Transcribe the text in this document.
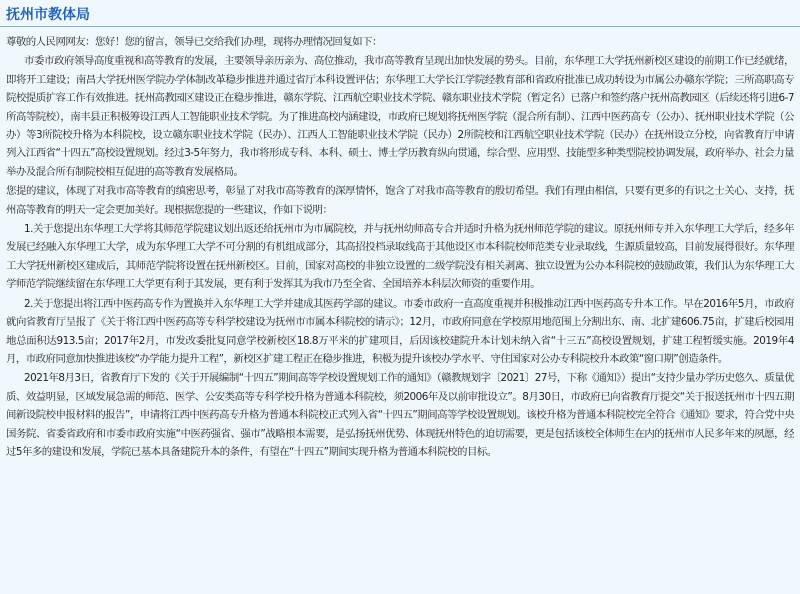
抚州市教体局

尊敬的人民网网友：您好！您的留言，领导已交给我们办理，现将办理情况回复如下：

市委市政府领导高度重视和高等教育的发展，主要领导亲历亲为、高位推动，我市高等教育呈现出加快发展的势头。目前，东华理工大学抚州新校区建设的前期工作已经就绪，即将开工建设；南昌大学抚州医学院办学体制改革稳步推进并通过省厅本科设置评估；东华理工大学长江学院经教育部和省政府批准已成功转设为市属公办赣东学院；三所高职高专院校提质扩容工作有效推进。抚州高教园区建设正在稳步推进，赣东学院、江西航空职业技术学院、赣东职业技术学院（暂定名）已落户和签约落户抚州高教园区（后续还将引进6-7所高等院校），南丰县正积极筹设江西人工智能职业技术学院。为了推进高校内涵建设，市政府已规划将抚州医学院（混合所有制）、江西中医药高专（公办）、抚州职业技术学院（公办）等3所院校升格为本科院校，设立赣东职业技术学院（民办）、江西人工智能职业技术学院（民办）2所院校和江西航空职业技术学院（民办）在抚州设立分校，向省教育厅申请列入江西省“十四五”高校设置规划。经过3-5年努力，我市将形成专科、本科、硕士、博士学历教育纵向贯通，综合型、应用型、技能型多种类型院校协调发展，政府举办、社会力量举办及混合所有制院校相互促进的高等教育发展格局。

您提的建议，体现了对我市高等教育的缜密思考，彰显了对我市高等教育的深厚情怀，饱含了对我市高等教育的殷切希望。我们有理由相信，只要有更多的有识之士关心、支持，抚州高等教育的明天一定会更加美好。现根据您提的一些建议，作如下说明：

1.关于您提出东华理工大学将其师范学院建议划出返还给抚州市为市属院校，并与抚州幼师高专合并适时升格为抚州师范学院的建议。原抚州师专并入东华理工大学后，经多年发展已经融入东华理工大学，成为东华理工大学不可分割的有机组成部分，其高招投档录取线高于其他设区市本科院校师范类专业录取线，生源质量较高，目前发展得很好。东华理工大学抚州新校区建成后，其师范学院将设置在抚州新校区。目前，国家对高校的非独立设置的二级学院没有相关剥离、独立设置为公办本科院校的鼓励政策，我们认为东华理工大学师范学院继续留在东华理工大学更有利于其发展，更有利于发挥其为我市乃至全省、全国培养本科层次师资的重要作用。

2.关于您提出将江西中医药高专作为置换并入东华理工大学并建成其医药学部的建议。市委市政府一直高度重视并积极推动江西中医药高专升本工作。早在2016年5月，市政府就向省教育厅呈报了《关于将江西中医药高等专科学校建设为抚州市市属本科院校的请示》；12月，市政府同意在学校原用地范围上分割出东、南、北扩建606.75亩，扩建后校园用地总面积达913.5亩；2017年2月，市发改委批复同意学校新校区18.8万平米的扩建项目，后因该校建院升本计划未纳入省“十三五”高校设置规划，扩建工程暂缓实施。2019年4月，市政府同意加快推进该校“办学能力提升工程”，新校区扩建工程正在稳步推进，积极为提升该校办学水平、守住国家对公办专科院校升本政策“窗口期”创造条件。

2021年8月3日，省教育厅下发的《关于开展编制“十四五”期间高等学校设置规划工作的通知》（赣教规划字〔2021〕27号，下称《通知》）提出“支持少量办学历史悠久、质量优质、效益明显，区域发展急需的师范、医学、公安类高等专科学校升格为普通本科院校，须2006年及以前审批设立”。8月30日，市政府已向省教育厅提交“关于报送抚州市十四五期间新设院校申报材料的报告”，申请将江西中医药高专升格为普通本科院校正式列入省“十四五”期间高等学校设置规划。该校升格为普通本科院校完全符合《通知》要求，符合党中央国务院、省委省政府和市委市政府实施“中医药强省、强市”战略根本需要，是弘扬抚州优势、体现抚州特色的迫切需要，更是包括该校全体师生在内的抚州市人民多年来的夙愿，经过5年多的建设和发展，学院已基本具备建院升本的条件，有望在“十四五”期间实现升格为普通本科院校的目标。
